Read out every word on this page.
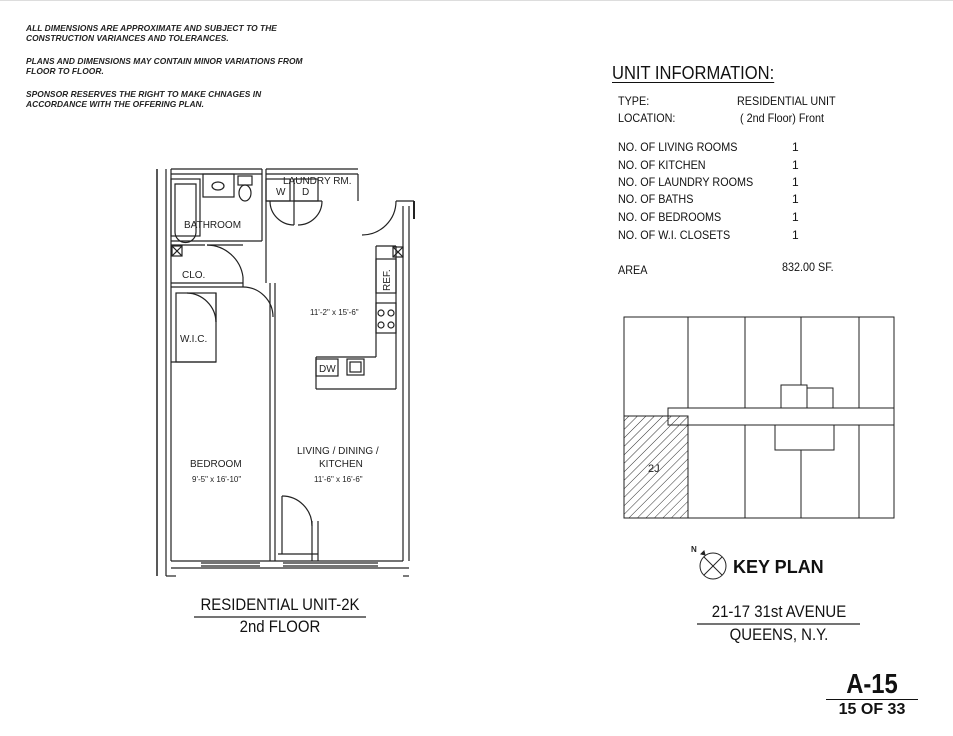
ALL DIMENSIONS ARE APPROXIMATE AND SUBJECT TO THE CONSTRUCTION VARIANCES AND TOLERANCES.

PLANS AND DIMENSIONS MAY CONTAIN MINOR VARIATIONS FROM FLOOR TO FLOOR.

SPONSOR RESERVES THE RIGHT TO MAKE CHNAGES IN ACCORDANCE WITH THE OFFERING PLAN.

UNIT INFORMATION:
TYPE:	RESIDENTIAL UNIT
LOCATION:	( 2nd Floor) Front
NO. OF LIVING ROOMS	1
NO. OF KITCHEN	1
NO. OF LAUNDRY ROOMS	1
NO. OF BATHS	1
NO. OF BEDROOMS	1
NO. OF W.I. CLOSETS	1
AREA	832.00 SF.
LAUNDRY RM.
W D
BATHROOM
CLO.
W.I.C.
REF.
11'-2" x 15'-6"
DW
BEDROOM
9'-5" x 16'-10"
LIVING / DINING /
KITCHEN
11'-6" x 16'-6"
2J
N
KEY PLAN
RESIDENTIAL UNIT-2K
2nd FLOOR
21-17 31st AVENUE
QUEENS, N.Y.
A-15
15 OF 33
